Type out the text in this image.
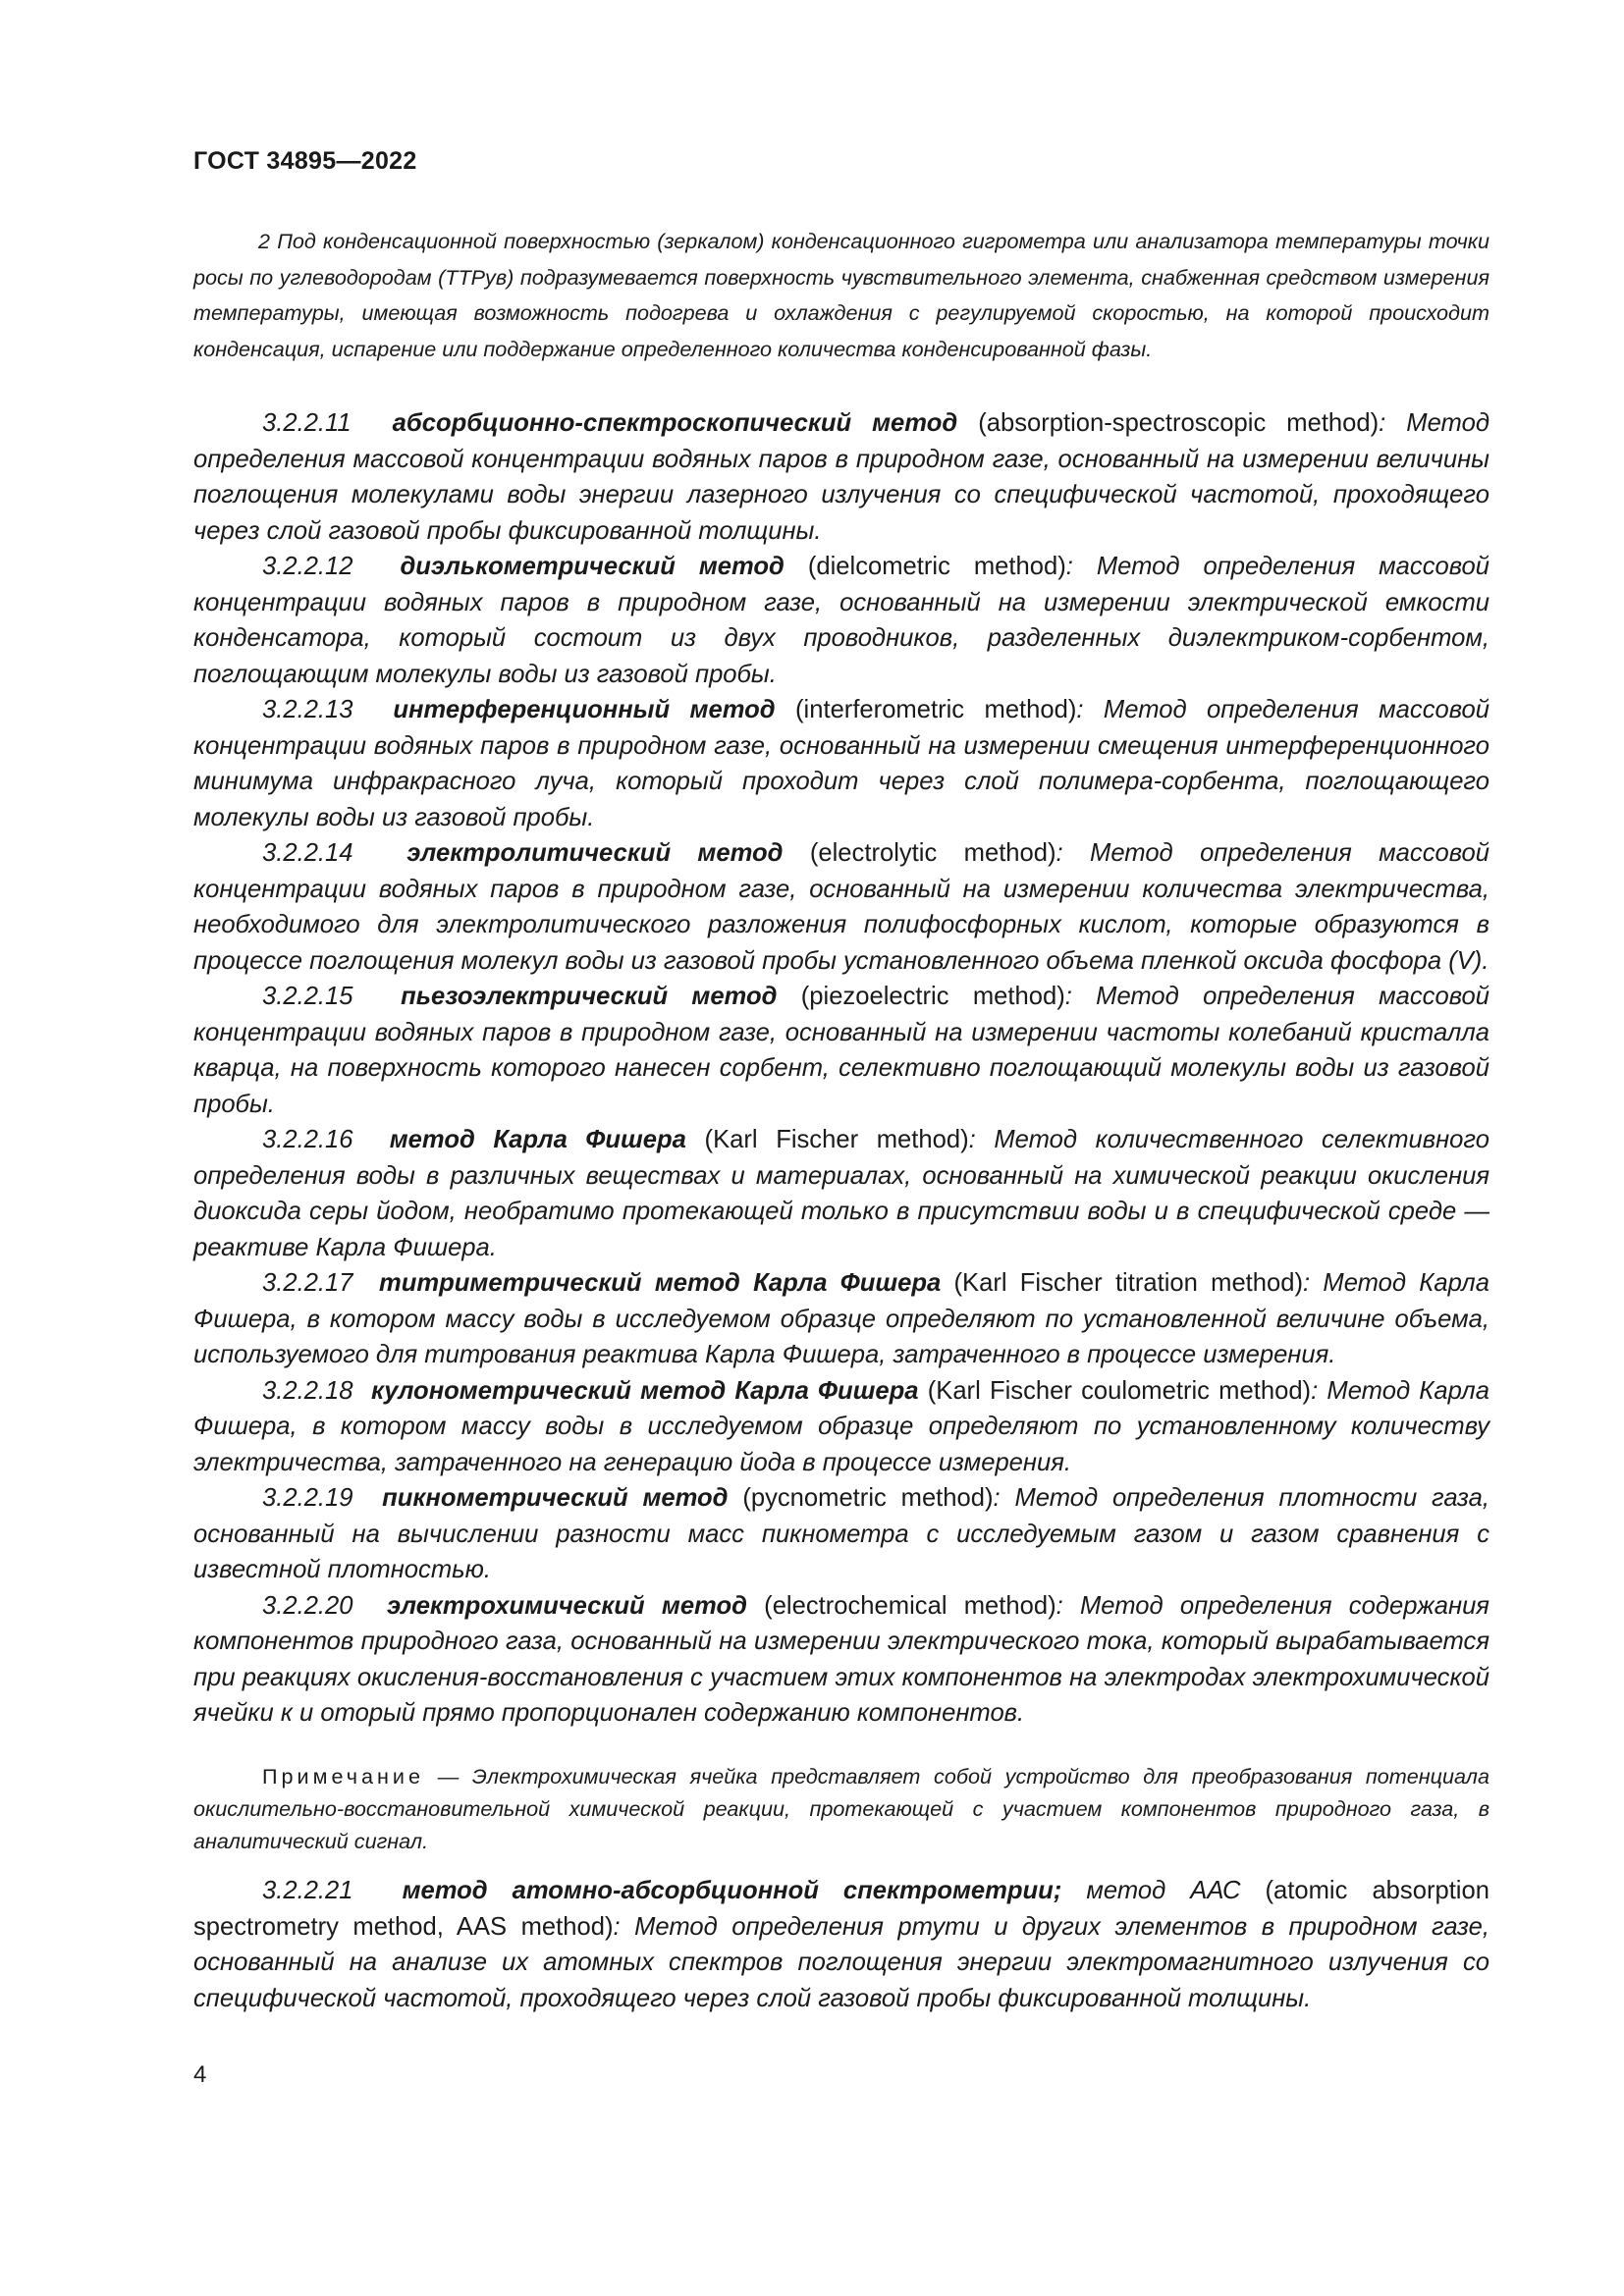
ГОСТ 34895—2022
2 Под конденсационной поверхностью (зеркалом) конденсационного гигрометра или анализатора температуры точки росы по углеводородам (ТТРув) подразумевается поверхность чувствительного элемента, снабженная средством измерения температуры, имеющая возможность подогрева и охлаждения с регулируемой скоростью, на которой происходит конденсация, испарение или поддержание определенного количества конденсированной фазы.

3.2.2.11 абсорбционно-спектроскопический метод (absorption-spectroscopic method): Метод определения массовой концентрации водяных паров в природном газе, основанный на измерении величины поглощения молекулами воды энергии лазерного излучения со специфической частотой, проходящего через слой газовой пробы фиксированной толщины.

3.2.2.12 диэлькометрический метод (dielcometric method): Метод определения массовой концентрации водяных паров в природном газе, основанный на измерении электрической емкости конденсатора, который состоит из двух проводников, разделенных диэлектриком-сорбентом, поглощающим молекулы воды из газовой пробы.

3.2.2.13 интерференционный метод (interferometric method): Метод определения массовой концентрации водяных паров в природном газе, основанный на измерении смещения интерференционного минимума инфракрасного луча, который проходит через слой полимера-сорбента, поглощающего молекулы воды из газовой пробы.

3.2.2.14 электролитический метод (electrolytic method): Метод определения массовой концентрации водяных паров в природном газе, основанный на измерении количества электричества, необходимого для электролитического разложения полифосфорных кислот, которые образуются в процессе поглощения молекул воды из газовой пробы установленного объема пленкой оксида фосфора (V).

3.2.2.15 пьезоэлектрический метод (piezoelectric method): Метод определения массовой концентрации водяных паров в природном газе, основанный на измерении частоты колебаний кристалла кварца, на поверхность которого нанесен сорбент, селективно поглощающий молекулы воды из газовой пробы.

3.2.2.16 метод Карла Фишера (Karl Fischer method): Метод количественного селективного определения воды в различных веществах и материалах, основанный на химической реакции окисления диоксида серы йодом, необратимо протекающей только в присутствии воды и в специфической среде — реактиве Карла Фишера.

3.2.2.17 титриметрический метод Карла Фишера (Karl Fischer titration method): Метод Карла Фишера, в котором массу воды в исследуемом образце определяют по установленной величине объема, используемого для титрования реактива Карла Фишера, затраченного в процессе измерения.

3.2.2.18 кулонометрический метод Карла Фишера (Karl Fischer coulometric method): Метод Карла Фишера, в котором массу воды в исследуемом образце определяют по установленному количеству электричества, затраченного на генерацию йода в процессе измерения.

3.2.2.19 пикнометрический метод (pycnometric method): Метод определения плотности газа, основанный на вычислении разности масс пикнометра с исследуемым газом и газом сравнения с известной плотностью.

3.2.2.20 электрохимический метод (electrochemical method): Метод определения содержания компонентов природного газа, основанный на измерении электрического тока, который вырабатывается при реакциях окисления-восстановления с участием этих компонентов на электродах электрохимической ячейки к и оторый прямо пропорционален содержанию компонентов.

Примечание — Электрохимическая ячейка представляет собой устройство для преобразования потенциала окислительно-восстановительной химической реакции, протекающей с участием компонентов природного газа, в аналитический сигнал.

3.2.2.21 метод атомно-абсорбционной спектрометрии; метод ААС (atomic absorption spectrometry method, AAS method): Метод определения ртути и других элементов в природном газе, основанный на анализе их атомных спектров поглощения энергии электромагнитного излучения со специфической частотой, проходящего через слой газовой пробы фиксированной толщины.

4
